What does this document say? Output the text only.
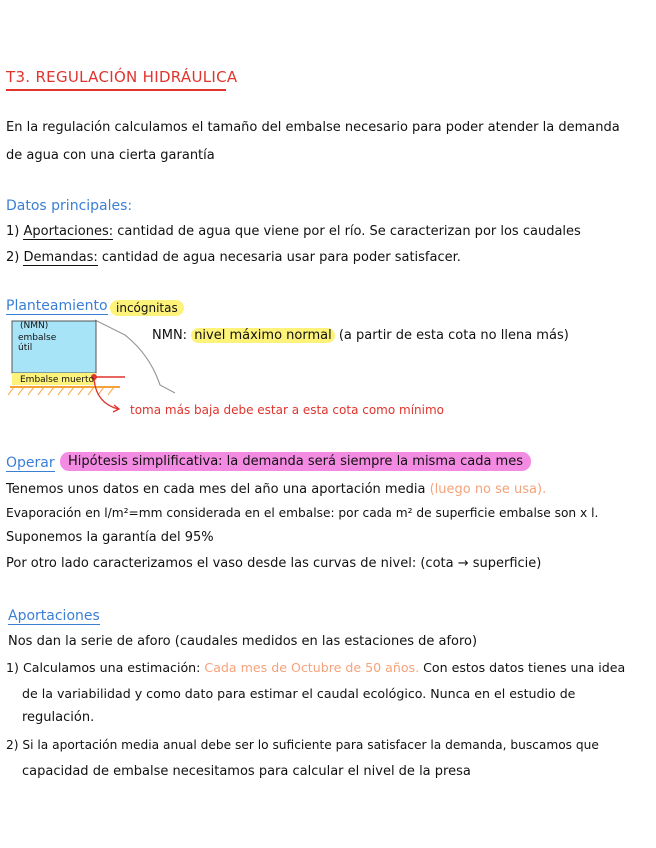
T3. REGULACIÓN HIDRÁULICA
En la regulación calculamos el tamaño del embalse necesario para poder atender la demanda
de agua con una cierta garantía
Datos principales:
1) Aportaciones: cantidad de agua que viene por el río. Se caracterizan por los caudales
2) Demandas: cantidad de agua necesaria usar para poder satisfacer.
Planteamiento incógnitas
(NMN)
embalse útil
Embalse muerto
NMN: nivel máximo normal (a partir de esta cota no llena más)
toma más baja debe estar a esta cota como mínimo
Operar	Hipótesis simplificativa: la demanda será siempre la misma cada mes
Tenemos unos datos en cada mes del año una aportación media (luego no se usa).
Evaporación en l/m²=mm considerada en el embalse: por cada m² de superficie embalse son x l.
Suponemos la garantía del 95%
Por otro lado caracterizamos el vaso desde las curvas de nivel: (cota → superficie)
Aportaciones
Nos dan la serie de aforo (caudales medidos en las estaciones de aforo)
1) Calculamos una estimación: Cada mes de Octubre de 50 años. Con estos datos tienes una idea
de la variabilidad y como dato para estimar el caudal ecológico. Nunca en el estudio de
regulación.
2) Si la aportación media anual debe ser lo suficiente para satisfacer la demanda, buscamos que
capacidad de embalse necesitamos para calcular el nivel de la presa
